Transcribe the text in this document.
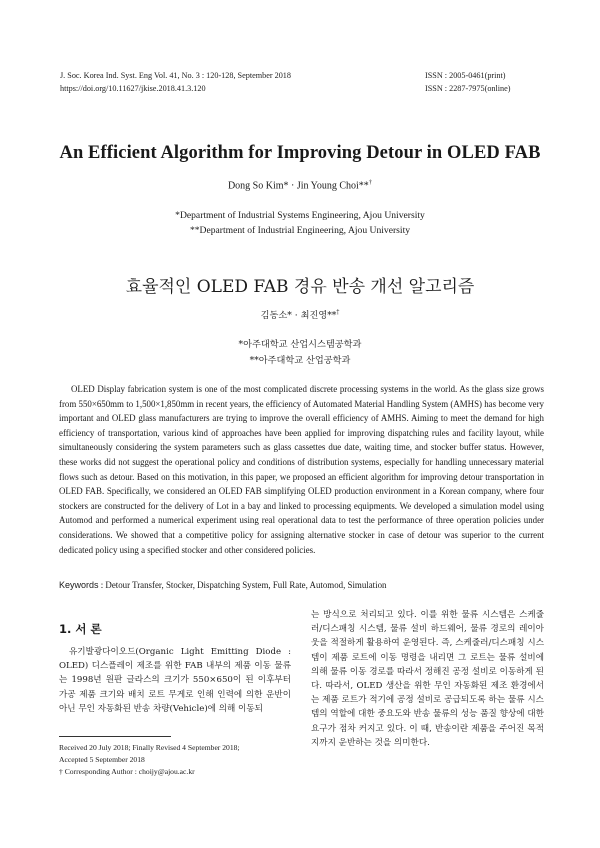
J. Soc. Korea Ind. Syst. Eng Vol. 41, No. 3 : 120-128, September 2018
https://doi.org/10.11627/jkise.2018.41.3.120
ISSN : 2005-0461(print)
ISSN : 2287-7975(online)
An Efficient Algorithm for Improving Detour in OLED FAB
Dong So Kim* · Jin Young Choi**†
*Department of Industrial Systems Engineering, Ajou University
**Department of Industrial Engineering, Ajou University
효율적인 OLED FAB 경유 반송 개선 알고리즘
김동소* · 최진영**†
*아주대학교 산업시스템공학과
**아주대학교 산업공학과
OLED Display fabrication system is one of the most complicated discrete processing systems in the world. As the glass size grows from 550×650mm to 1,500×1,850mm in recent years, the efficiency of Automated Material Handling System (AMHS) has become very important and OLED glass manufacturers are trying to improve the overall efficiency of AMHS. Aiming to meet the demand for high efficiency of transportation, various kind of approaches have been applied for improving dispatching rules and facility layout, while simultaneously considering the system parameters such as glass cassettes due date, waiting time, and stocker buffer status. However, these works did not suggest the operational policy and conditions of distribution systems, especially for handling unnecessary material flows such as detour. Based on this motivation, in this paper, we proposed an efficient algorithm for improving detour transportation in OLED FAB. Specifically, we considered an OLED FAB simplifying OLED production environment in a Korean company, where four stockers are constructed for the delivery of Lot in a bay and linked to processing equipments. We developed a simulation model using Automod and performed a numerical experiment using real operational data to test the performance of three operation policies under considerations. We showed that a competitive policy for assigning alternative stocker in case of detour was superior to the current dedicated policy using a specified stocker and other considered policies.
Keywords : Detour Transfer, Stocker, Dispatching System, Full Rate, Automod, Simulation
1. 서 론
유기발광다이오드(Organic Light Emitting Diode : OLED) 디스플레이 제조를 위한 FAB 내부의 제품 이동 물류는 1998년 원판 글라스의 크기가 550×650이 된 이후부터 가공 제품 크기와 배치 로트 무게로 인해 인력에 의한 운반이 아닌 무인 자동화된 반송 차량(Vehicle)에 의해 이동되
는 방식으로 처리되고 있다. 이를 위한 물류 시스템은 스케줄러/디스패칭 시스템, 물류 설비 하드웨어, 물류 경로의 레이아웃을 적절하게 활용하여 운영된다. 즉, 스케줄러/디스패칭 시스템이 제품 로트에 이동 명령을 내리면 그 로트는 물류 설비에 의해 물류 이동 경로를 따라서 정해진 공정 설비로 이동하게 된다. 따라서, OLED 생산을 위한 무인 자동화된 제조 환경에서는 제품 로트가 적기에 공정 설비로 공급되도록 하는 물류 시스템의 역할에 대한 중요도와 반송 물류의 성능 품질 향상에 대한 요구가 점차 커지고 있다. 이 때, 반송이란 제품을 주어진 목적지까지 운반하는 것을 의미한다.
Received 20 July 2018; Finally Revised 4 September 2018;
Accepted 5 September 2018
† Corresponding Author : choijy@ajou.ac.kr
